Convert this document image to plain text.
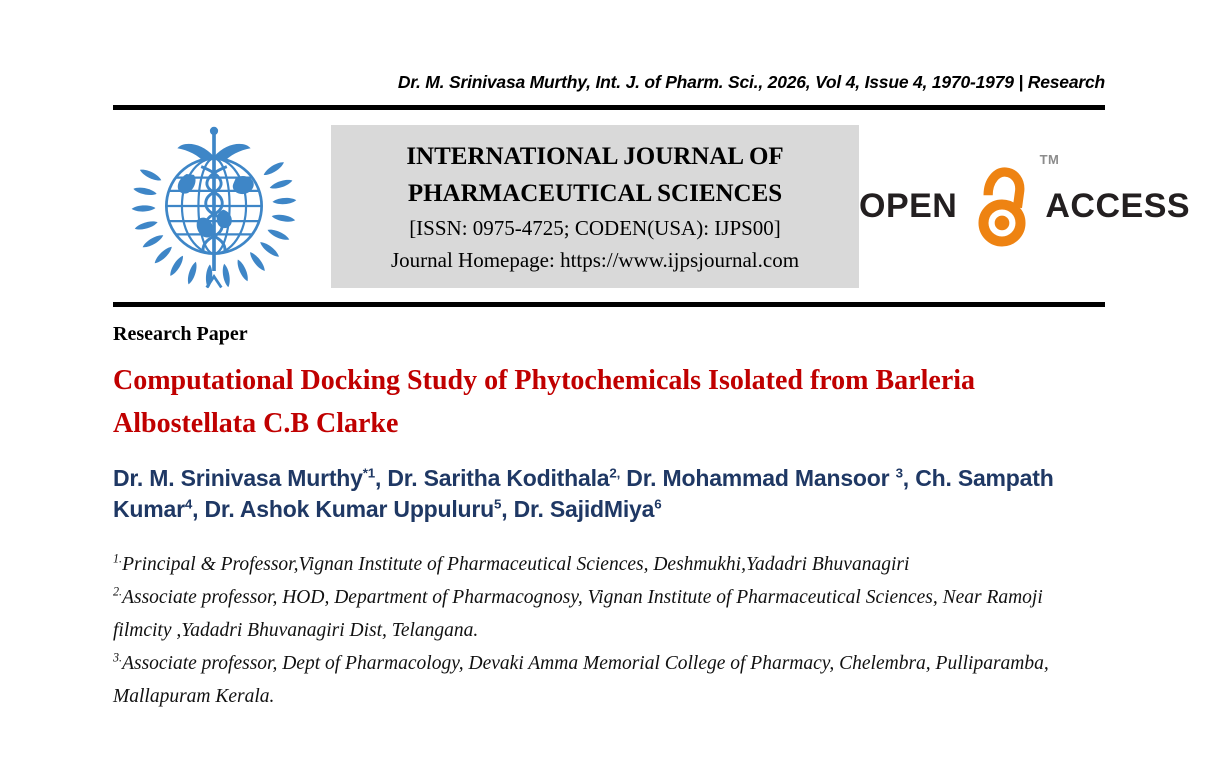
Dr. M. Srinivasa Murthy, Int. J. of Pharm. Sci., 2026, Vol 4, Issue 4, 1970-1979 | Research
INTERNATIONAL JOURNAL OF
PHARMACEUTICAL SCIENCES
[ISSN: 0975-4725; CODEN(USA): IJPS00]
Journal Homepage: https://www.ijpsjournal.com
OPEN
TM
ACCESS
Research Paper
Computational Docking Study of Phytochemicals Isolated from Barleria Albostellata C.B Clarke

Dr. M. Srinivasa Murthy$^{*1}$, Dr. Saritha Kodithala$^{2,}$ Dr. Mohammad Mansoor $^3$, Ch. Sampath Kumar$^4$, Dr. Ashok Kumar Uppuluru$^5$, Dr. SajidMiya$^6$

$^{1.}$Principal & Professor,Vignan Institute of Pharmaceutical Sciences, Deshmukhi,Yadadri Bhuvanagiri

$^{2.}$Associate professor, HOD, Department of Pharmacognosy, Vignan Institute of Pharmaceutical Sciences, Near Ramoji filmcity ,Yadadri Bhuvanagiri Dist, Telangana.

$^{3.}$Associate professor, Dept of Pharmacology, Devaki Amma Memorial College of Pharmacy, Chelembra, Pulliparamba, Mallapuram Kerala.
